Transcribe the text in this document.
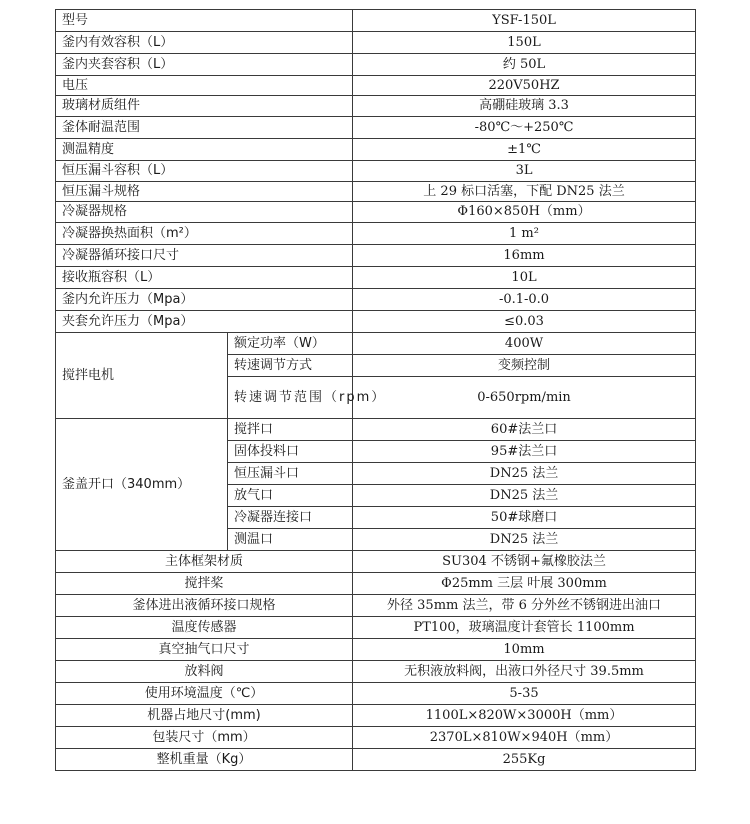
型号		YSF-150L
釜内有效容积（L）		150L
釜内夹套容积（L）		约 50L
电压		220V50HZ
玻璃材质组件		高硼硅玻璃 3.3
釜体耐温范围		-80℃～+250℃
测温精度		±1℃
恒压漏斗容积（L）		3L
恒压漏斗规格		上 29 标口活塞，下配 DN25 法兰
冷凝器规格		Φ160×850H（mm）
冷凝器换热面积（m²）		1 m²
冷凝器循环接口尺寸		16mm
接收瓶容积（L）		10L
釜内允许压力（Mpa）		-0.1-0.0
夹套允许压力（Mpa）		≤0.03
搅拌电机	额定功率（W）	400W
	转速调节方式	变频控制
	转速调节范围（rpm）	0-650rpm/min
釜盖开口（340mm）	搅拌口	60#法兰口
	固体投料口	95#法兰口
	恒压漏斗口	DN25 法兰
	放气口	DN25 法兰
	冷凝器连接口	50#球磨口
	测温口	DN25 法兰
主体框架材质		SU304 不锈钢+氟橡胶法兰
搅拌桨		Φ25mm 三层 叶展 300mm
釜体进出液循环接口规格		外径 35mm 法兰，带 6 分外丝不锈钢进出油口
温度传感器		PT100，玻璃温度计套管长 1100mm
真空抽气口尺寸		10mm
放料阀		无积液放料阀，出液口外径尺寸 39.5mm
使用环境温度（℃）		5-35
机器占地尺寸(mm)		1100L×820W×3000H（mm）
包装尺寸（mm）		2370L×810W×940H（mm）
整机重量（Kg）		255Kg
